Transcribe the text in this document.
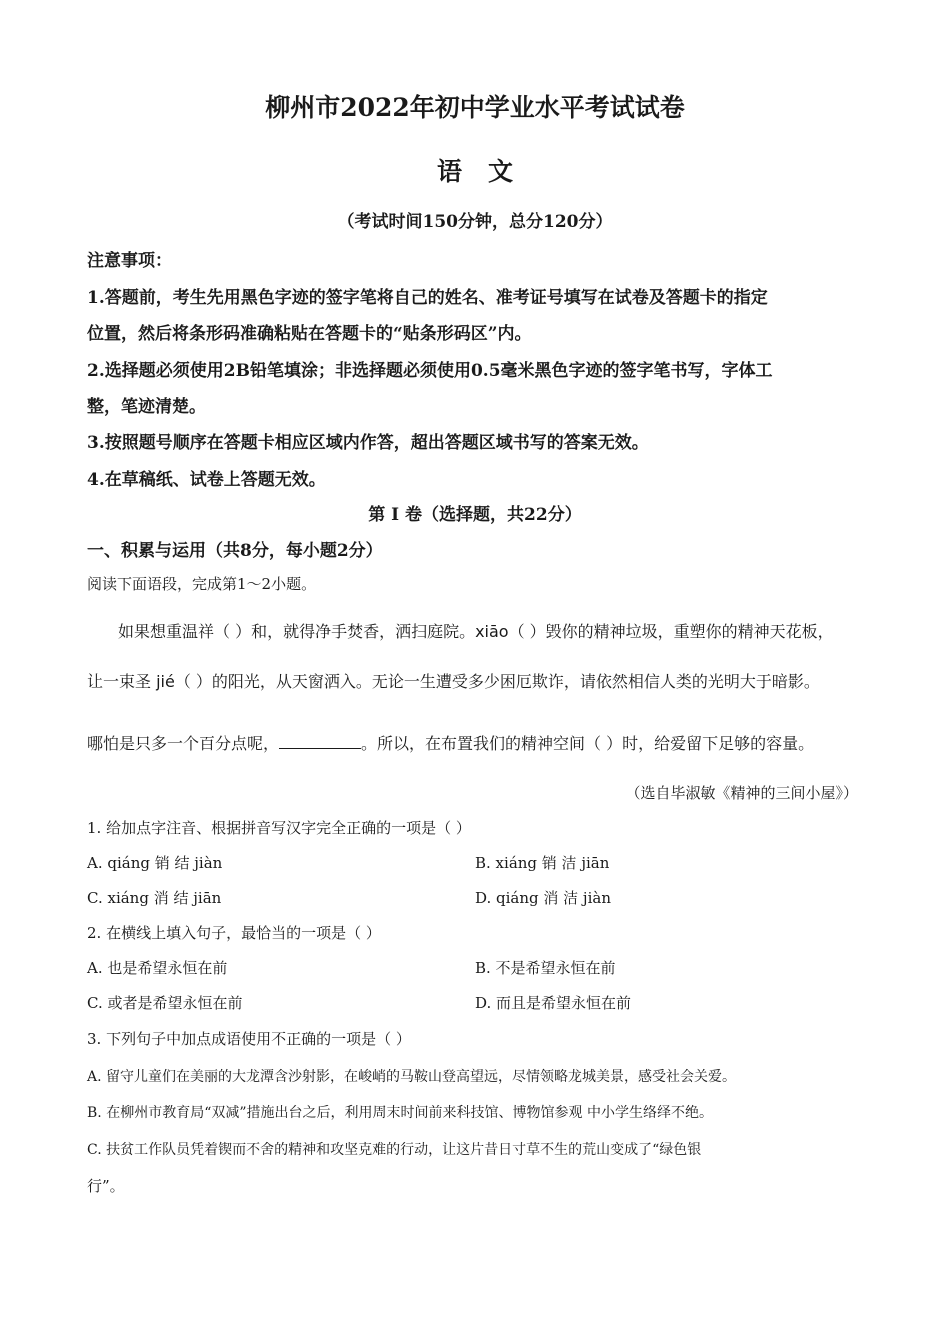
柳州市2022年初中学业水平考试试卷
语文
（考试时间150分钟，总分120分）
注意事项：
1.答题前，考生先用黑色字迹的签字笔将自己的姓名、准考证号填写在试卷及答题卡的指定
位置，然后将条形码准确粘贴在答题卡的“贴条形码区”内。
2.选择题必须使用2B铅笔填涂；非选择题必须使用0.5毫米黑色字迹的签字笔书写，字体工
整，笔迹清楚。
3.按照题号顺序在答题卡相应区域内作答，超出答题区域书写的答案无效。
4.在草稿纸、试卷上答题无效。
第 Ⅰ 卷（选择题，共22分）
一、积累与运用（共8分，每小题2分）
阅读下面语段，完成第1～2小题。
如果想重温祥（ ）和，就得净手焚香，洒扫庭院。xiāo（ ）毁你的精神垃圾，重塑你的精神天花板，
让一束圣 jié（ ）的阳光，从天窗洒入。无论一生遭受多少困厄欺诈，请依然相信人类的光明大于暗影。
哪怕是只多一个百分点呢，	。所以，在布置我们的精神空间（ ）时，给爱留下足够的容量。
（选自毕淑敏《精神的三间小屋》）
1. 给加点字注音、根据拼音写汉字完全正确的一项是（ ）
A. qiáng 销 结 jiàn	B. xiáng 销 洁 jiān
C. xiáng 消 结 jiān	D. qiáng 消 洁 jiàn
2. 在横线上填入句子，最恰当的一项是（ ）
A. 也是希望永恒在前	B. 不是希望永恒在前
C. 或者是希望永恒在前	D. 而且是希望永恒在前
3. 下列句子中加点成语使用不正确的一项是（ ）
A. 留守儿童们在美丽的大龙潭含沙射影，在峻峭的马鞍山登高望远，尽情领略龙城美景，感受社会关爱。
B. 在柳州市教育局“双减”措施出台之后，利用周末时间前来科技馆、博物馆参观 中小学生络绎不绝。
C. 扶贫工作队员凭着锲而不舍的精神和攻坚克难的行动，让这片昔日寸草不生的荒山变成了“绿色银
行”。
